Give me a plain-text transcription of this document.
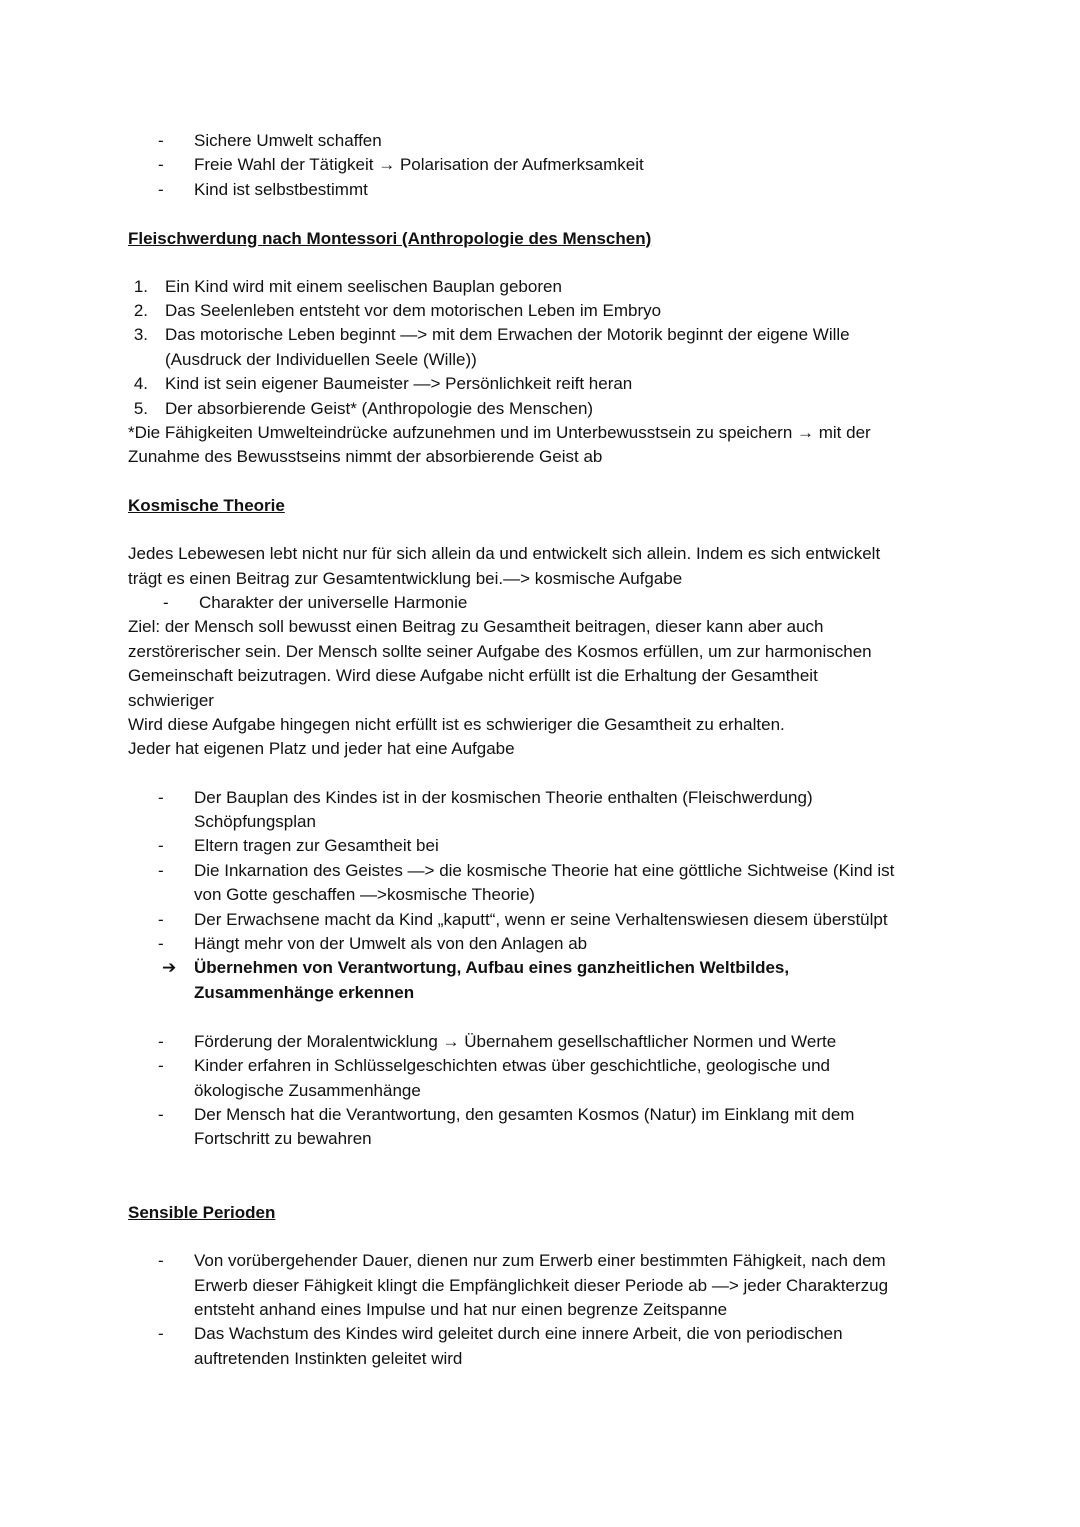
- Sichere Umwelt schaffen
- Freie Wahl der Tätigkeit → Polarisation der Aufmerksamkeit
- Kind ist selbstbestimmt
Fleischwerdung nach Montessori (Anthropologie des Menschen)
1. Ein Kind wird mit einem seelischen Bauplan geboren
2. Das Seelenleben entsteht vor dem motorischen Leben im Embryo
3. Das motorische Leben beginnt —> mit dem Erwachen der Motorik beginnt der eigene Wille
(Ausdruck der Individuellen Seele (Wille))
4. Kind ist sein eigener Baumeister —> Persönlichkeit reift heran
5. Der absorbierende Geist* (Anthropologie des Menschen)
*Die Fähigkeiten Umwelteindrücke aufzunehmen und im Unterbewusstsein zu speichern → mit der
Zunahme des Bewusstseins nimmt der absorbierende Geist ab
Kosmische Theorie
Jedes Lebewesen lebt nicht nur für sich allein da und entwickelt sich allein. Indem es sich entwickelt
trägt es einen Beitrag zur Gesamtentwicklung bei.—> kosmische Aufgabe
- Charakter der universelle Harmonie
Ziel: der Mensch soll bewusst einen Beitrag zu Gesamtheit beitragen, dieser kann aber auch
zerstörerischer sein. Der Mensch sollte seiner Aufgabe des Kosmos erfüllen, um zur harmonischen
Gemeinschaft beizutragen. Wird diese Aufgabe nicht erfüllt ist die Erhaltung der Gesamtheit
schwieriger
Wird diese Aufgabe hingegen nicht erfüllt ist es schwieriger die Gesamtheit zu erhalten.
Jeder hat eigenen Platz und jeder hat eine Aufgabe
- Der Bauplan des Kindes ist in der kosmischen Theorie enthalten (Fleischwerdung)
Schöpfungsplan
- Eltern tragen zur Gesamtheit bei
- Die Inkarnation des Geistes —> die kosmische Theorie hat eine göttliche Sichtweise (Kind ist
von Gotte geschaffen —>kosmische Theorie)
- Der Erwachsene macht da Kind „kaputt“, wenn er seine Verhaltenswiesen diesem überstülpt
- Hängt mehr von der Umwelt als von den Anlagen ab
➔ Übernehmen von Verantwortung, Aufbau eines ganzheitlichen Weltbildes,
Zusammenhänge erkennen
- Förderung der Moralentwicklung → Übernahem gesellschaftlicher Normen und Werte
- Kinder erfahren in Schlüsselgeschichten etwas über geschichtliche, geologische und
ökologische Zusammenhänge
- Der Mensch hat die Verantwortung, den gesamten Kosmos (Natur) im Einklang mit dem
Fortschritt zu bewahren
Sensible Perioden
- Von vorübergehender Dauer, dienen nur zum Erwerb einer bestimmten Fähigkeit, nach dem
Erwerb dieser Fähigkeit klingt die Empfänglichkeit dieser Periode ab —> jeder Charakterzug
entsteht anhand eines Impulse und hat nur einen begrenze Zeitspanne
- Das Wachstum des Kindes wird geleitet durch eine innere Arbeit, die von periodischen
auftretenden Instinkten geleitet wird
